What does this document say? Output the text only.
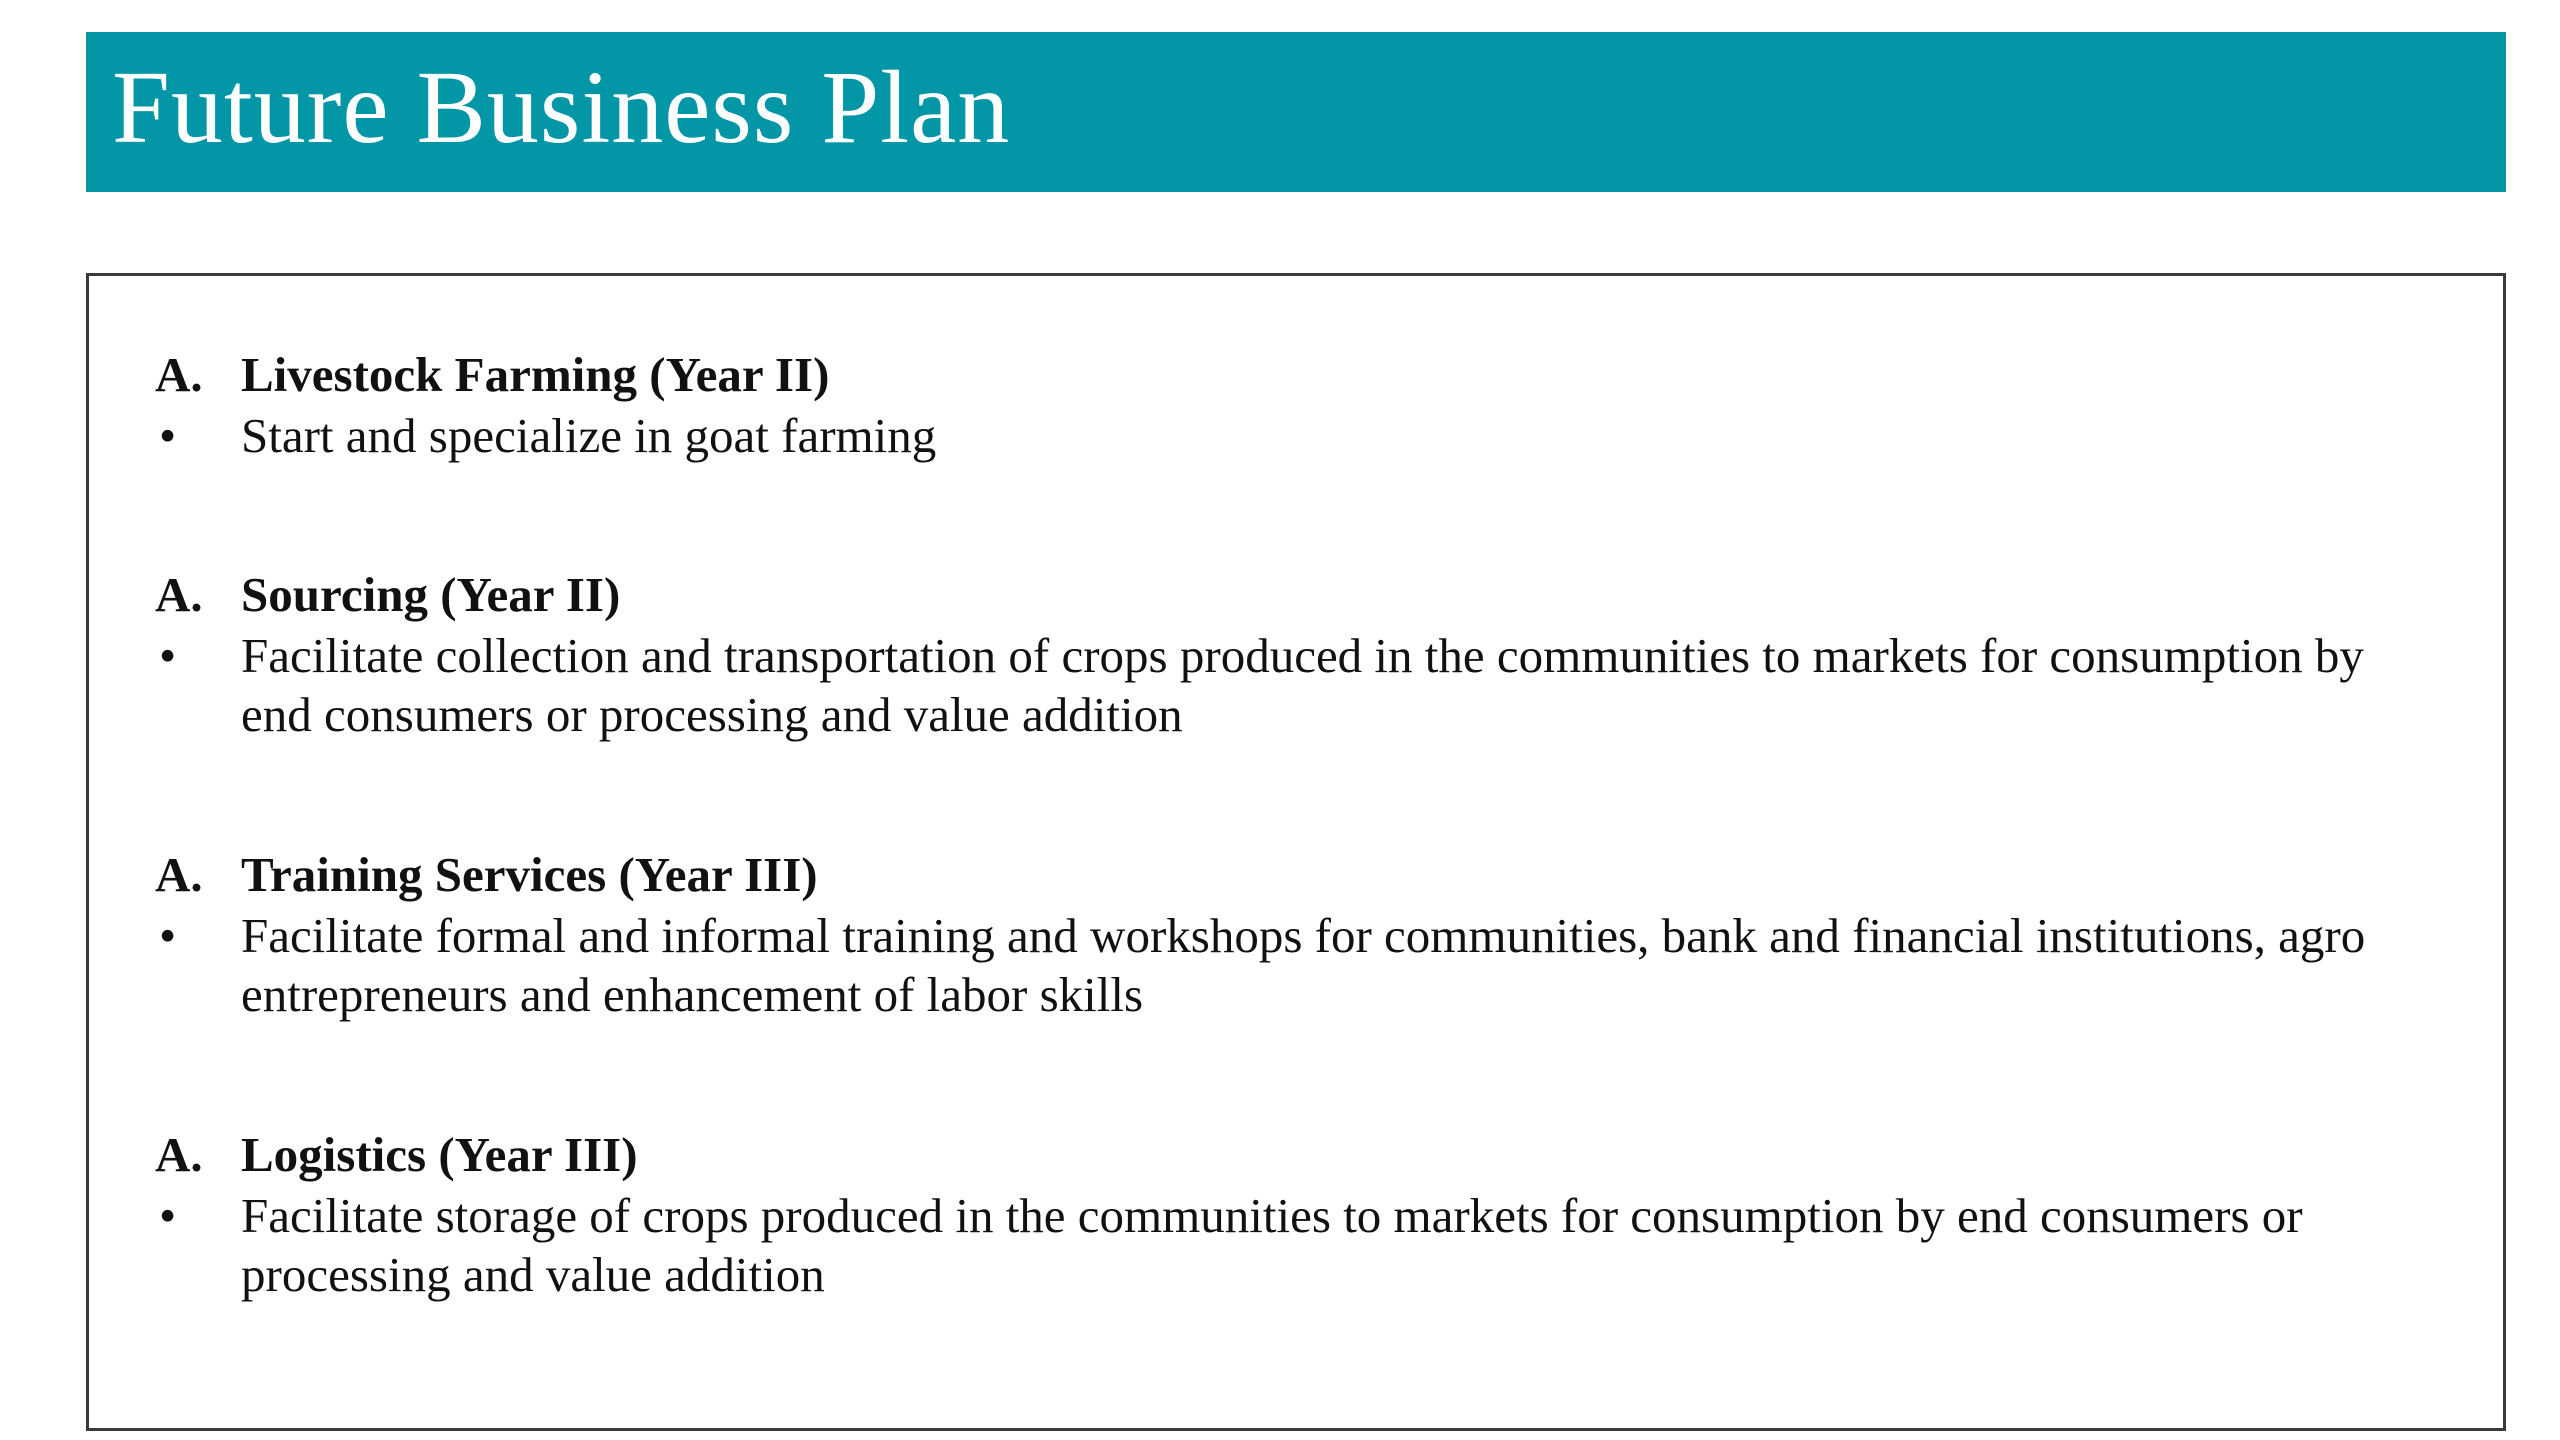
Future Business Plan
A. Livestock Farming (Year II)
•	Start and specialize in goat farming
A. Sourcing (Year II)
•	Facilitate collection and transportation of crops produced in the communities to markets for consumption by end consumers or processing and value addition
A. Training Services (Year III)
•	Facilitate formal and informal training and workshops for communities, bank and financial institutions, agro entrepreneurs and enhancement of labor skills
A. Logistics (Year III)
•	Facilitate storage of crops produced in the communities to markets for consumption by end consumers or processing and value addition
